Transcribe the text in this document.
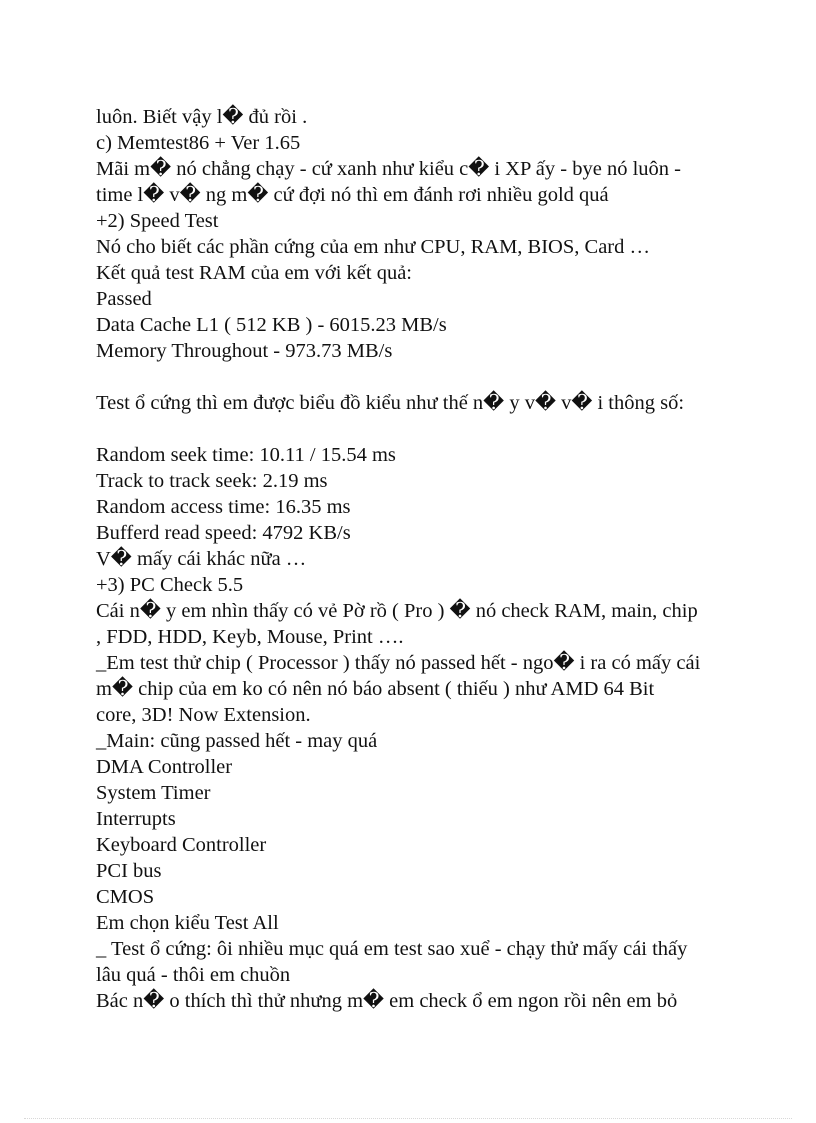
luôn. Biết vậy l� đủ rồi .
c) Memtest86 + Ver 1.65
Mãi m� nó chẳng chạy - cứ xanh như kiểu c� i XP ấy - bye nó luôn -
time l� v� ng m� cứ đợi nó thì em đánh rơi nhiều gold quá
+2) Speed Test
Nó cho biết các phần cứng của em như CPU, RAM, BIOS, Card …
Kết quả test RAM của em với kết quả:
Passed
Data Cache L1 ( 512 KB ) - 6015.23 MB/s
Memory Throughout - 973.73 MB/s
Test ổ cứng thì em được biểu đồ kiểu như thế n� y v� v� i thông số:
Random seek time: 10.11 / 15.54 ms
Track to track seek: 2.19 ms
Random access time: 16.35 ms
Bufferd read speed: 4792 KB/s
V� mấy cái khác nữa …
+3) PC Check 5.5
Cái n� y em nhìn thấy có vẻ Pờ rồ ( Pro ) � nó check RAM, main, chip
, FDD, HDD, Keyb, Mouse, Print ….
_Em test thử chip ( Processor ) thấy nó passed hết - ngo� i ra có mấy cái
m� chip của em ko có nên nó báo absent ( thiếu ) như AMD 64 Bit
core, 3D! Now Extension.
_Main: cũng passed hết - may quá
DMA Controller
System Timer
Interrupts
Keyboard Controller
PCI bus
CMOS
Em chọn kiểu Test All
_ Test ổ cứng: ôi nhiều mục quá em test sao xuể - chạy thử mấy cái thấy
lâu quá - thôi em chuồn
Bác n� o thích thì thử nhưng m� em check ổ em ngon rồi nên em bỏ
